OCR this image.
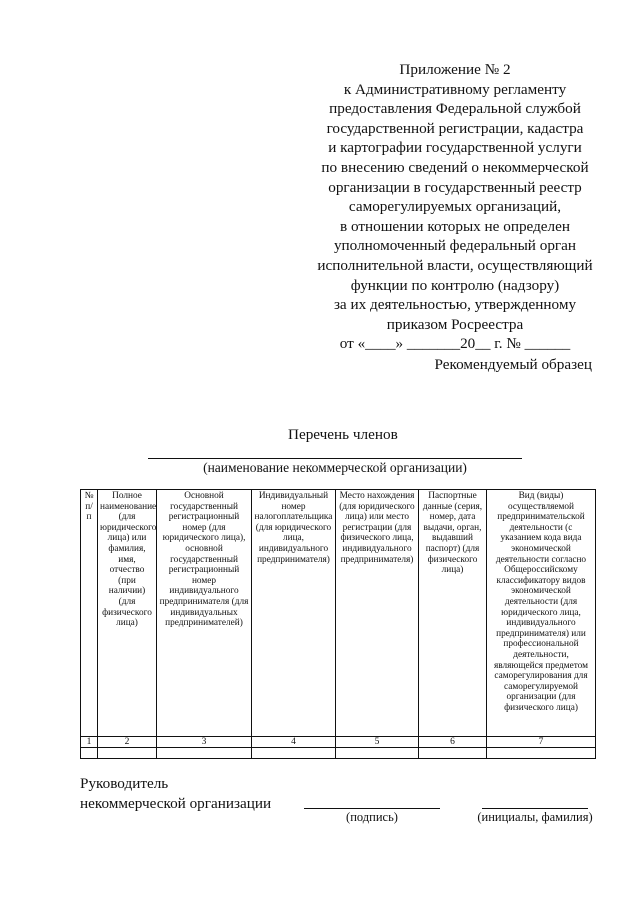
Приложение № 2
к Административному регламенту
предоставления Федеральной службой
государственной регистрации, кадастра
и картографии государственной услуги
по внесению сведений о некоммерческой
организации в государственный реестр
саморегулируемых организаций,
в отношении которых не определен
уполномоченный федеральный орган
исполнительной власти, осуществляющий
функции по контролю (надзору)
за их деятельностью, утвержденному
приказом Росреестра
от «____» _______20__ г. № ______
Рекомендуемый образец
Перечень членов
(наименование некоммерческой организации)
№ п/п	Полное наименование (для юридического лица) или фамилия, имя, отчество (при наличии) (для физического лица)	Основной государственный регистрационный номер (для юридического лица), основной государственный регистрационный номер индивидуального предпринимателя (для индивидуальных предпринимателей)	Индивидуальный номер налогоплательщика (для юридического лица, индивидуального предпринимателя)	Место нахождения (для юридического лица) или место регистрации (для физического лица, индивидуального предпринимателя)	Паспортные данные (серия, номер, дата выдачи, орган, выдавший паспорт) (для физического лица)	Вид (виды) осуществляемой предпринимательской деятельности (с указанием кода вида экономической деятельности согласно Общероссийскому классификатору видов экономической деятельности (для юридического лица, индивидуального предпринимателя) или профессиональной деятельности, являющейся предметом саморегулирования для саморегулируемой организации (для физического лица)
1	2	3	4	5	6	7

Руководитель
некоммерческой организации
(подпись)	(инициалы, фамилия)
